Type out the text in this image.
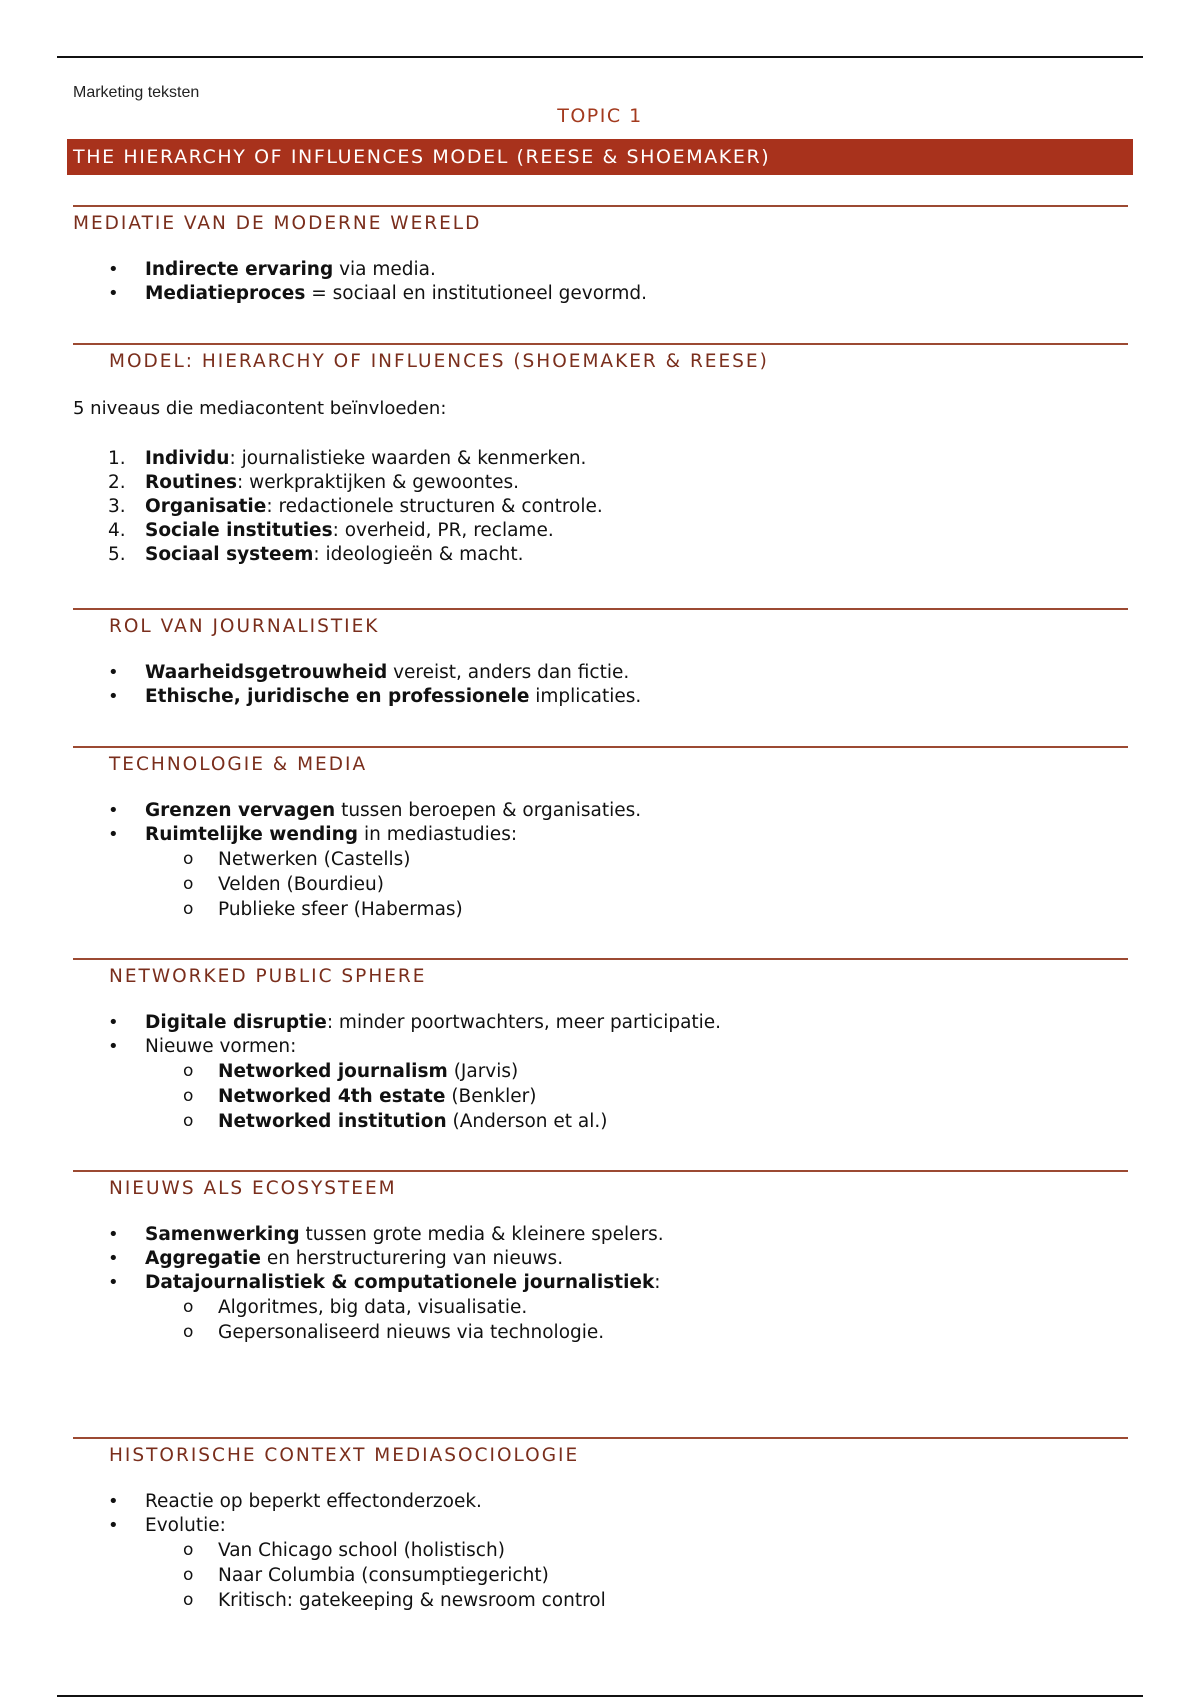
Marketing teksten
TOPIC 1
THE HIERARCHY OF INFLUENCES MODEL (REESE & SHOEMAKER)
MEDIATIE VAN DE MODERNE WERELD
• Indirecte ervaring via media.
• Mediatieproces = sociaal en institutioneel gevormd.
MODEL: HIERARCHY OF INFLUENCES (SHOEMAKER & REESE)

5 niveaus die mediacontent beïnvloeden:

1.	Individu: journalistieke waarden & kenmerken.
2.	Routines: werkpraktijken & gewoontes.
3.	Organisatie: redactionele structuren & controle.
4.	Sociale instituties: overheid, PR, reclame.
5.	Sociaal systeem: ideologieën & macht.
ROL VAN JOURNALISTIEK
• Waarheidsgetrouwheid vereist, anders dan fictie.
• Ethische, juridische en professionele implicaties.
TECHNOLOGIE & MEDIA
• Grenzen vervagen tussen beroepen & organisaties.
• Ruimtelijke wending in mediastudies:
o Netwerken (Castells)
o Velden (Bourdieu)
o Publieke sfeer (Habermas)
NETWORKED PUBLIC SPHERE
• Digitale disruptie: minder poortwachters, meer participatie.
• Nieuwe vormen:
o Networked journalism (Jarvis)
o Networked 4th estate (Benkler)
o Networked institution (Anderson et al.)
NIEUWS ALS ECOSYSTEEM
• Samenwerking tussen grote media & kleinere spelers.
• Aggregatie en herstructurering van nieuws.
• Datajournalistiek & computationele journalistiek:
o Algoritmes, big data, visualisatie.
o Gepersonaliseerd nieuws via technologie.
HISTORISCHE CONTEXT MEDIASOCIOLOGIE
• Reactie op beperkt effectonderzoek.
• Evolutie:
o Van Chicago school (holistisch)
o Naar Columbia (consumptiegericht)
o Kritisch: gatekeeping & newsroom control
